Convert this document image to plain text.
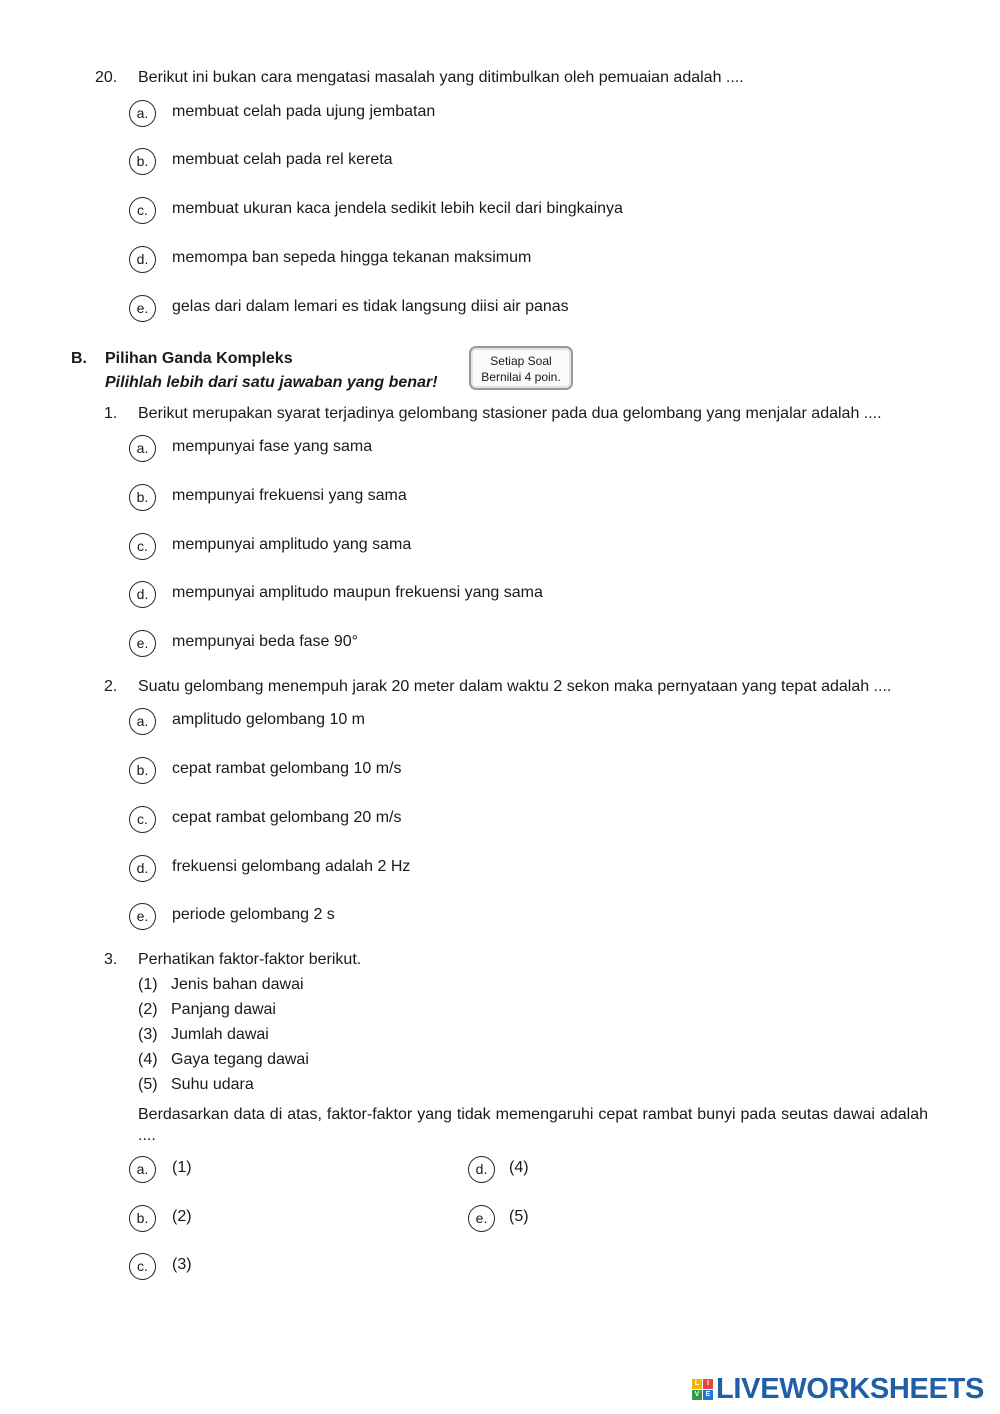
20. Berikut ini bukan cara mengatasi masalah yang ditimbulkan oleh pemuaian adalah ....
a.	membuat celah pada ujung jembatan
b.	membuat celah pada rel kereta
c.	membuat ukuran kaca jendela sedikit lebih kecil dari bingkainya
d.	memompa ban sepeda hingga tekanan maksimum
e.	gelas dari dalam lemari es tidak langsung diisi air panas
B. Pilihan Ganda Kompleks
Pilihlah lebih dari satu jawaban yang benar!
Setiap Soal
Bernilai 4 poin.
1. Berikut merupakan syarat terjadinya gelombang stasioner pada dua gelombang yang menjalar adalah ....
a.	mempunyai fase yang sama
b.	mempunyai frekuensi yang sama
c.	mempunyai amplitudo yang sama
d.	mempunyai amplitudo maupun frekuensi yang sama
e.	mempunyai beda fase 90°
2. Suatu gelombang menempuh jarak 20 meter dalam waktu 2 sekon maka pernyataan yang tepat adalah ....
a.	amplitudo gelombang 10 m
b.	cepat rambat gelombang 10 m/s
c.	cepat rambat gelombang 20 m/s
d.	frekuensi gelombang adalah 2 Hz
e.	periode gelombang 2 s
3. Perhatikan faktor-faktor berikut.
(1) Jenis bahan dawai
(2) Panjang dawai
(3) Jumlah dawai
(4) Gaya tegang dawai
(5) Suhu udara
Berdasarkan data di atas, faktor-faktor yang tidak memengaruhi cepat rambat bunyi pada seutas dawai adalah ....
a.	(1)
b.	(2)
c.	(3)
d.	(4)
e.	(5)
L	I
V E LIVEWORKSHEETS
